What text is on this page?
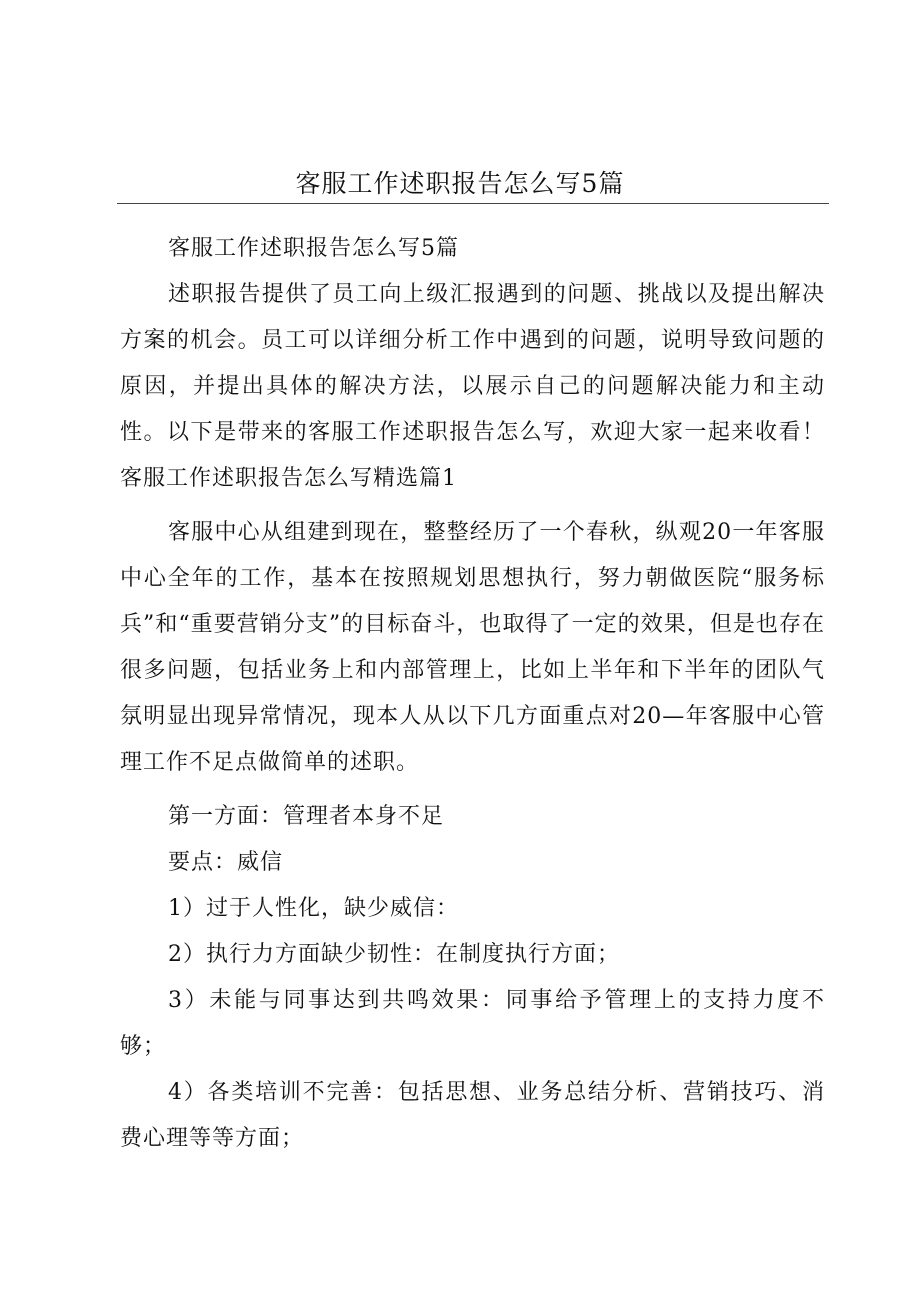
客服工作述职报告怎么写5篇

客服工作述职报告怎么写5篇

述职报告提供了员工向上级汇报遇到的问题、挑战以及提出解决方案的机会。员工可以详细分析工作中遇到的问题，说明导致问题的原因，并提出具体的解决方法，以展示自己的问题解决能力和主动性。以下是带来的客服工作述职报告怎么写，欢迎大家一起来收看！客服工作述职报告怎么写精选篇1

客服中心从组建到现在，整整经历了一个春秋，纵观20一年客服中心全年的工作，基本在按照规划思想执行，努力朝做医院“服务标兵”和“重要营销分支”的目标奋斗，也取得了一定的效果，但是也存在很多问题，包括业务上和内部管理上，比如上半年和下半年的团队气氛明显出现异常情况，现本人从以下几方面重点对20—年客服中心管理工作不足点做简单的述职。

第一方面：管理者本身不足

要点：威信

1）过于人性化，缺少威信：

2）执行力方面缺少韧性：在制度执行方面；

3）未能与同事达到共鸣效果：同事给予管理上的支持力度不够；

4）各类培训不完善：包括思想、业务总结分析、营销技巧、消费心理等等方面；
